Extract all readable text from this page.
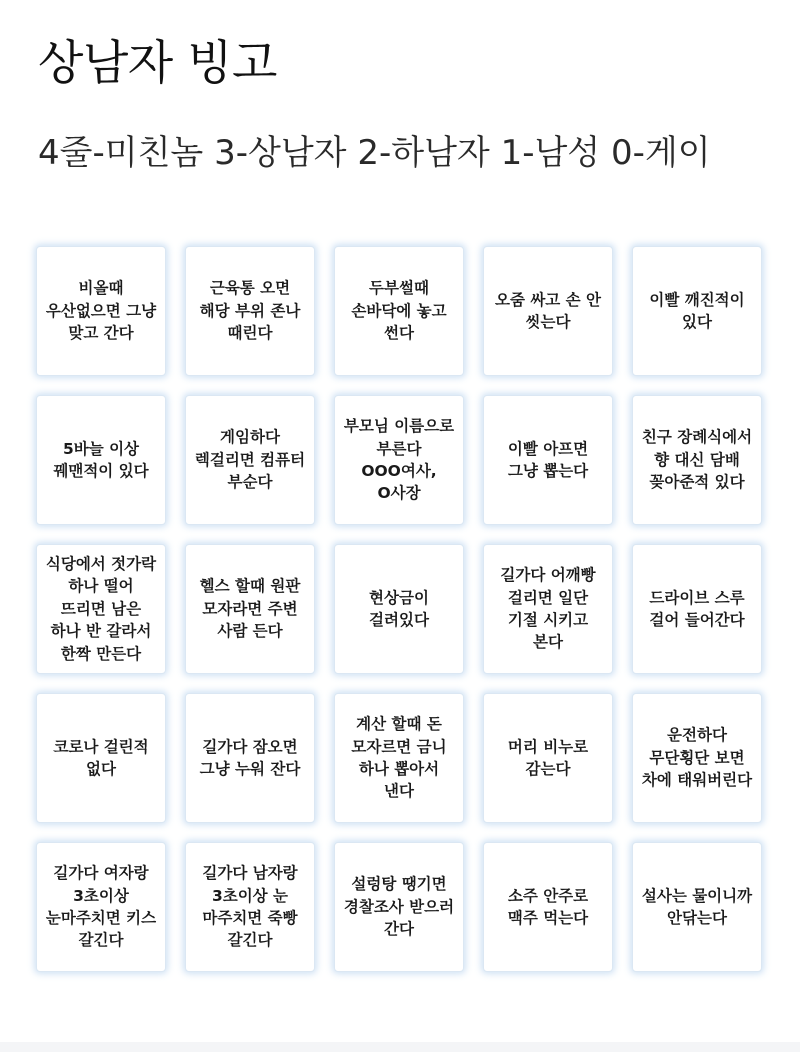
상남자 빙고

4줄-미친놈 3-상남자 2-하남자 1-남성 0-게이

비올때 우산없으면 그냥 맞고 간다
근육통 오면 해당 부위 존나 때린다
두부썰때 손바닥에 놓고 썬다
오줌 싸고 손 안 씻는다
이빨 깨진적이 있다
5바늘 이상 꿰맨적이 있다
게임하다 렉걸리면 컴퓨터 부순다
부모님 이름으로 부른다 OOO여사, O사장
이빨 아프면 그냥 뽑는다
친구 장례식에서 향 대신 담배 꽂아준적 있다
식당에서 젓가락 하나 떨어 뜨리면 남은 하나 반 갈라서 한짝 만든다
헬스 할때 원판 모자라면 주변 사람 든다
현상금이 걸려있다
길가다 어깨빵 걸리면 일단 기절 시키고 본다
드라이브 스루 걸어 들어간다
코로나 걸린적 없다
길가다 잠오면 그냥 누워 잔다
계산 할때 돈 모자르면 금니 하나 뽑아서 낸다
머리 비누로 감는다
운전하다 무단횡단 보면 차에 태워버린다
길가다 여자랑 3초이상 눈마주치면 키스 갈긴다
길가다 남자랑 3초이상 눈 마주치면 죽빵 갈긴다
설렁탕 땡기면 경찰조사 받으러 간다
소주 안주로 맥주 먹는다
설사는 물이니까 안닦는다
